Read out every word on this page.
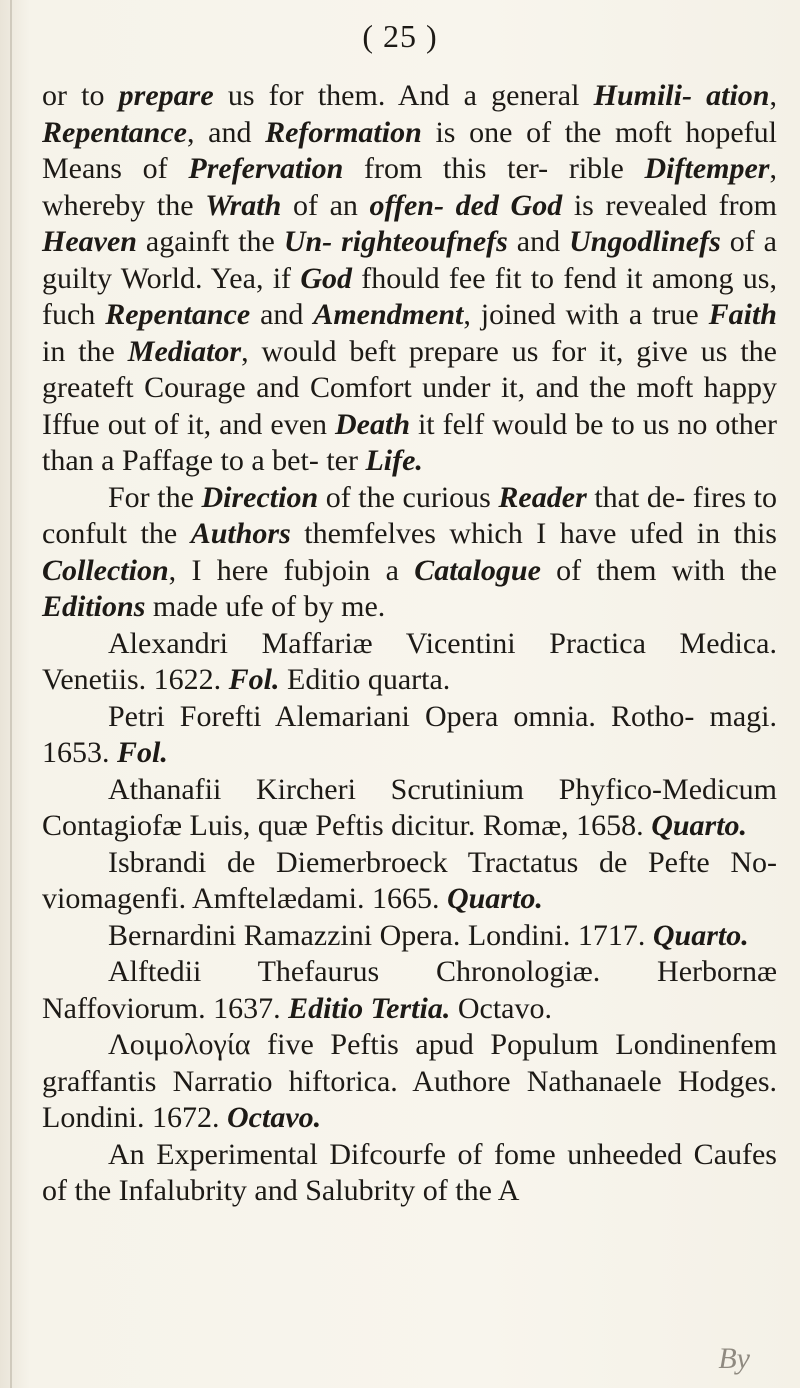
( 25 )

or to prepare us for them. And a general Humili- ation, Repentance, and Reformation is one of the moft hopeful Means of Prefervation from this ter- rible Diftemper, whereby the Wrath of an offen- ded God is revealed from Heaven againft the Un- righteoufnefs and Ungodlinefs of a guilty World. Yea, if God fhould fee fit to fend it among us, fuch Repentance and Amendment, joined with a true Faith in the Mediator, would beft prepare us for it, give us the greateft Courage and Comfort under it, and the moft happy Iffue out of it, and even Death it felf would be to us no other than a Paffage to a bet- ter Life.

For the Direction of the curious Reader that de- fires to confult the Authors themfelves which I have ufed in this Collection, I here fubjoin a Catalogue of them with the Editions made ufe of by me.

Alexandri Maffariæ Vicentini Practica Medica. Venetiis. 1622. Fol. Editio quarta.

Petri Forefti Alemariani Opera omnia. Rotho- magi. 1653. Fol.

Athanafii Kircheri Scrutinium Phyfico-Medicum Contagiofæ Luis, quæ Peftis dicitur. Romæ, 1658. Quarto.

Isbrandi de Diemerbroeck Tractatus de Pefte No- viomagenfi. Amftelædami. 1665. Quarto.

Bernardini Ramazzini Opera. Londini. 1717. Quarto.

Alftedii Thefaurus Chronologiæ. Herbornæ Naffoviorum. 1637. Editio Tertia. Octavo.

Λοιμολογία five Peftis apud Populum Londinenfem graffantis Narratio hiftorica. Authore Nathanaele Hodges. Londini. 1672. Octavo.

An Experimental Difcourfe of fome unheeded Caufes of the Infalubrity and Salubrity of the A

By
